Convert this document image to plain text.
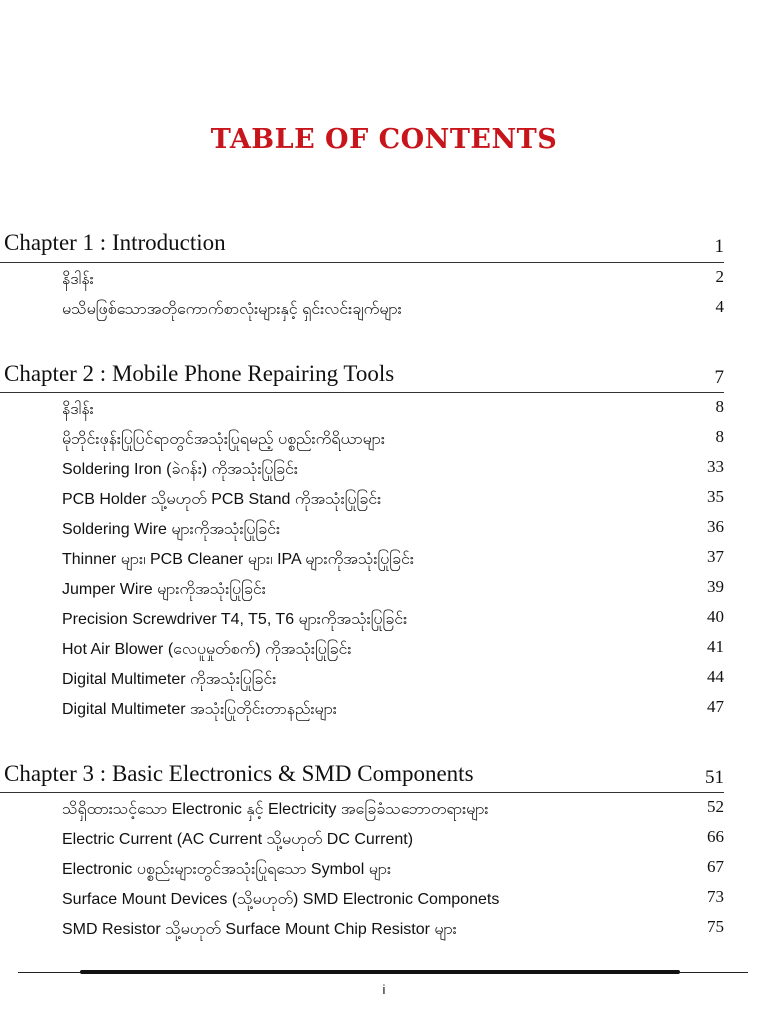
TABLE OF CONTENTS
Chapter 1 : Introduction	1
နိဒါန်း	2
မသိမဖြစ်သောအတိုကောက်စာလုံးများနှင့် ရှင်းလင်းချက်များ	4
Chapter 2 : Mobile Phone Repairing Tools	7
နိဒါန်း	8
မိုဘိုင်းဖုန်းပြုပြင်ရာတွင်အသုံးပြုရမည့် ပစ္စည်းကိရိယာများ	8
Soldering Iron (ခဲဂန်း) ကိုအသုံးပြုခြင်း	33
PCB Holder သို့မဟုတ် PCB Stand ကိုအသုံးပြုခြင်း	35
Soldering Wire များကိုအသုံးပြုခြင်း	36
Thinner များ၊ PCB Cleaner များ၊ IPA များကိုအသုံးပြုခြင်း	37
Jumper Wire များကိုအသုံးပြုခြင်း	39
Precision Screwdriver T4, T5, T6 များကိုအသုံးပြုခြင်း	40
Hot Air Blower (လေပူမှုတ်စက်) ကိုအသုံးပြုခြင်း	41
Digital Multimeter ကိုအသုံးပြုခြင်း	44
Digital Multimeter အသုံးပြုတိုင်းတာနည်းများ	47
Chapter 3 : Basic Electronics & SMD Components	51
သိရှိထားသင့်သော Electronic နှင့် Electricity အခြေခံသဘောတရားများ	52
Electric Current (AC Current သို့မဟုတ် DC Current)	66
Electronic ပစ္စည်းများတွင်အသုံးပြုရသော Symbol များ	67
Surface Mount Devices (သို့မဟုတ်) SMD Electronic Componets	73
SMD Resistor သို့မဟုတ် Surface Mount Chip Resistor များ	75
i
